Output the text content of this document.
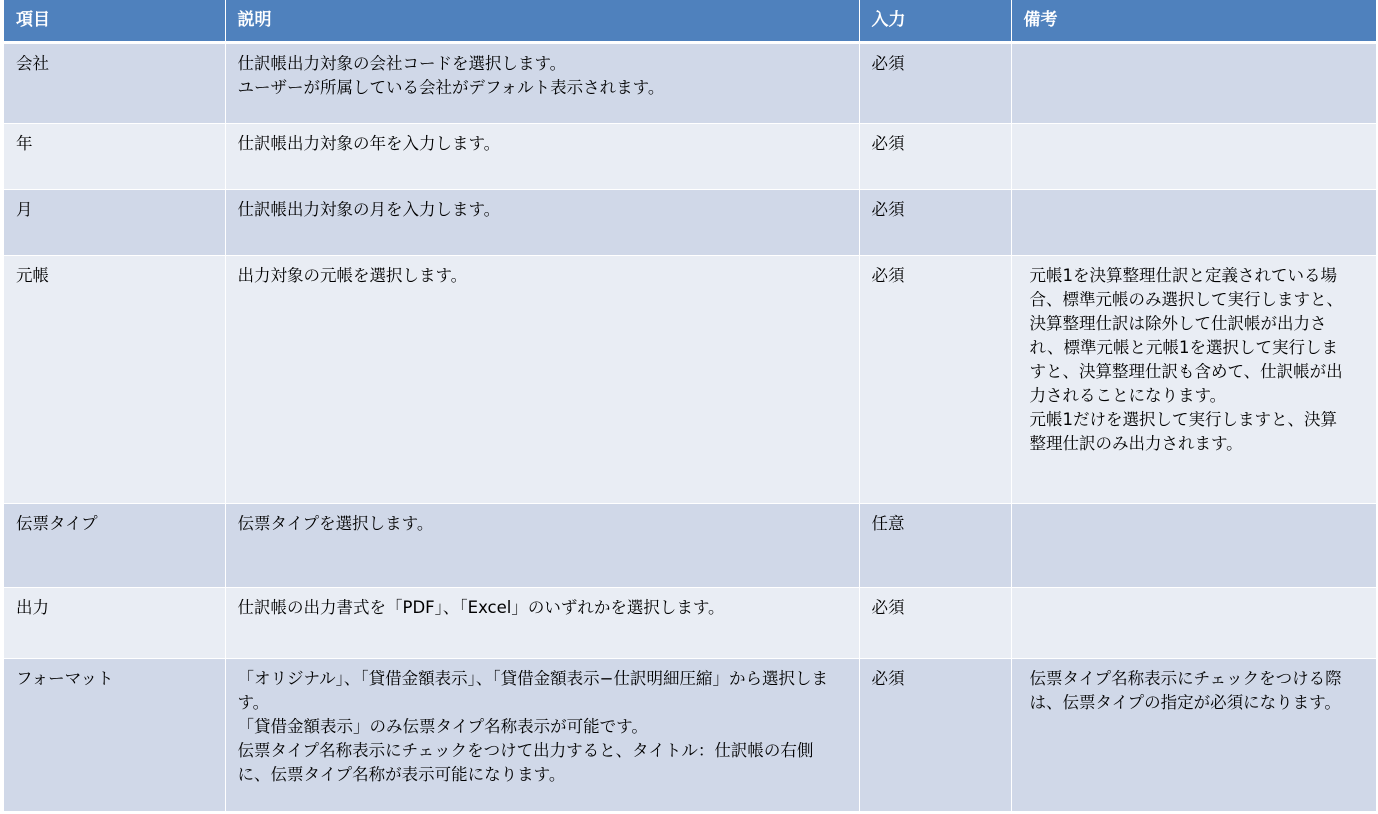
項目	説明	入力	備考
会社	仕訳帳出力対象の会社コードを選択します。
ユーザーが所属している会社がデフォルト表示されます。	必須	
年	仕訳帳出力対象の年を入力します。	必須	
月	仕訳帳出力対象の月を入力します。	必須	
元帳	出力対象の元帳を選択します。	必須	元帳1を決算整理仕訳と定義されている場合、標準元帳のみ選択して実行しますと、決算整理仕訳は除外して仕訳帳が出力され、標準元帳と元帳1を選択して実行しますと、決算整理仕訳も含めて、仕訳帳が出力されることになります。
元帳1だけを選択して実行しますと、決算整理仕訳のみ出力されます。
伝票タイプ	伝票タイプを選択します。	任意	
出力	仕訳帳の出力書式を「PDF」、「Excel」のいずれかを選択します。	必須	
フォーマット	「オリジナル」、「貸借金額表示」、「貸借金額表示−仕訳明細圧縮」から選択します。
「貸借金額表示」のみ伝票タイプ名称表示が可能です。
伝票タイプ名称表示にチェックをつけて出力すると、タイトル：仕訳帳の右側に、伝票タイプ名称が表示可能になります。	必須	伝票タイプ名称表示にチェックをつける際は、伝票タイプの指定が必須になります。
